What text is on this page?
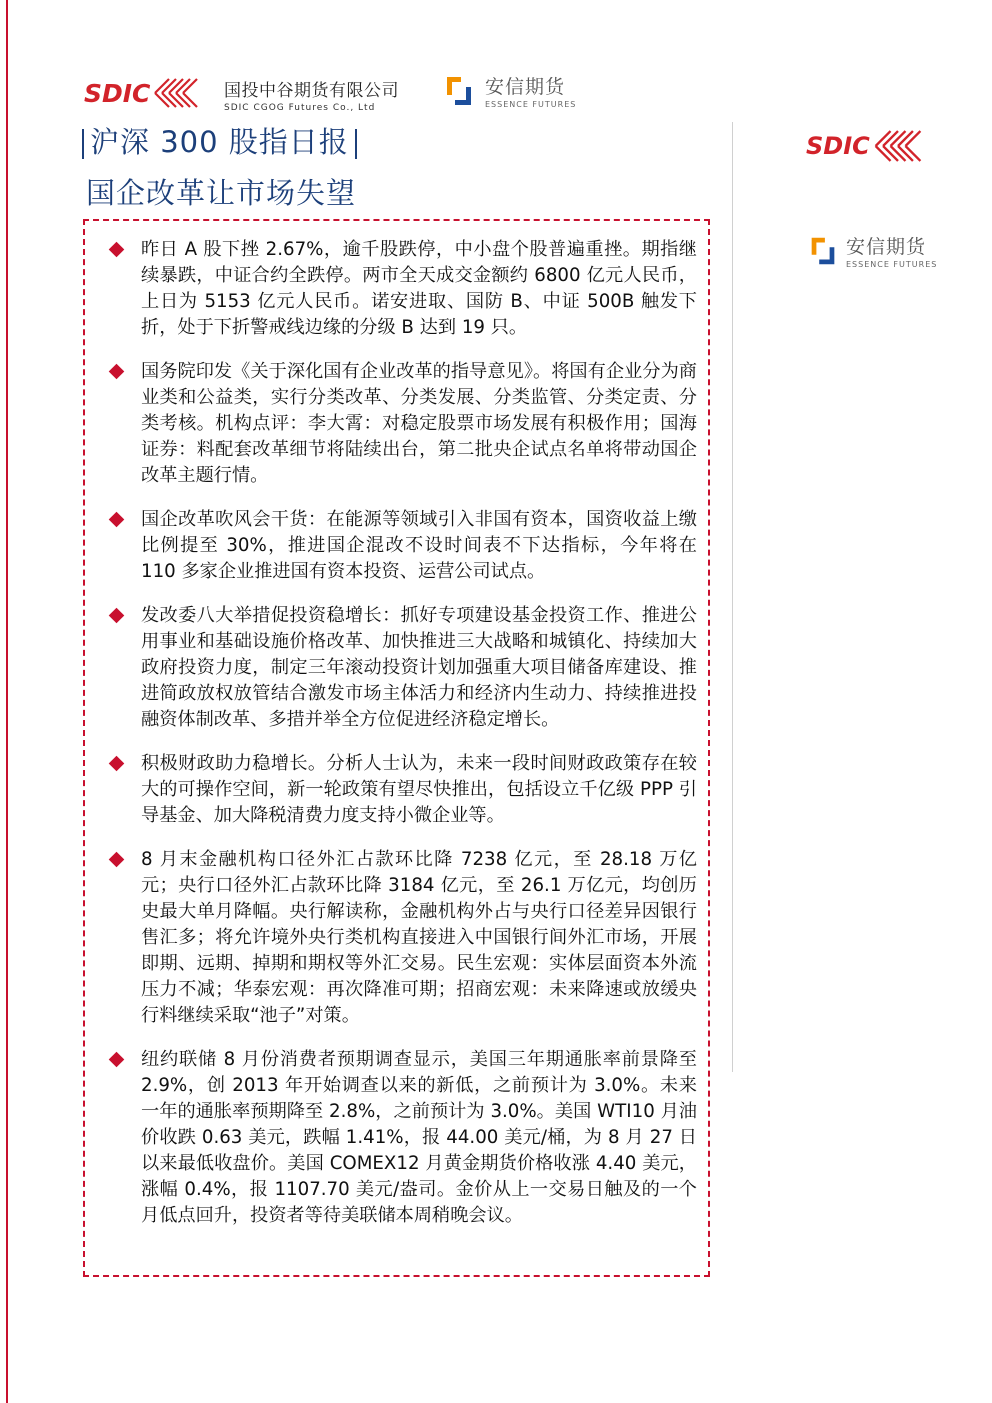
SDIC	国投中谷期货有限公司
SDIC CGOG Futures Co., Ltd
安信期货
ESSENCE FUTURES
沪深 300 股指日报
国企改革让市场失望
SDIC
安信期货
ESSENCE FUTURES
昨日 A 股下挫 2.67%，逾千股跌停，中小盘个股普遍重挫。期指继续暴跌，中证合约全跌停。两市全天成交金额约 6800 亿元人民币，上日为 5153 亿元人民币。诺安进取、国防 B、中证 500B 触发下折，处于下折警戒线边缘的分级 B 达到 19 只。
国务院印发《关于深化国有企业改革的指导意见》。将国有企业分为商业类和公益类，实行分类改革、分类发展、分类监管、分类定责、分类考核。机构点评：李大霄：对稳定股票市场发展有积极作用；国海证券：料配套改革细节将陆续出台，第二批央企试点名单将带动国企改革主题行情。
国企改革吹风会干货：在能源等领域引入非国有资本，国资收益上缴比例提至 30%，推进国企混改不设时间表不下达指标，今年将在 110 多家企业推进国有资本投资、运营公司试点。
发改委八大举措促投资稳增长：抓好专项建设基金投资工作、推进公用事业和基础设施价格改革、加快推进三大战略和城镇化、持续加大政府投资力度，制定三年滚动投资计划加强重大项目储备库建设、推进简政放权放管结合激发市场主体活力和经济内生动力、持续推进投融资体制改革、多措并举全方位促进经济稳定增长。
积极财政助力稳增长。分析人士认为，未来一段时间财政政策存在较大的可操作空间，新一轮政策有望尽快推出，包括设立千亿级 PPP 引导基金、加大降税清费力度支持小微企业等。
8 月末金融机构口径外汇占款环比降 7238 亿元，至 28.18 万亿元；央行口径外汇占款环比降 3184 亿元，至 26.1 万亿元，均创历史最大单月降幅。央行解读称，金融机构外占与央行口径差异因银行售汇多；将允许境外央行类机构直接进入中国银行间外汇市场，开展即期、远期、掉期和期权等外汇交易。民生宏观：实体层面资本外流压力不减；华泰宏观：再次降准可期；招商宏观：未来降速或放缓央行料继续采取“池子”对策。
纽约联储 8 月份消费者预期调查显示，美国三年期通胀率前景降至 2.9%，创 2013 年开始调查以来的新低，之前预计为 3.0%。未来一年的通胀率预期降至 2.8%，之前预计为 3.0%。美国 WTI10 月油价收跌 0.63 美元，跌幅 1.41%，报 44.00 美元/桶，为 8 月 27 日以来最低收盘价。美国 COMEX12 月黄金期货价格收涨 4.40 美元，涨幅 0.4%，报 1107.70 美元/盎司。金价从上一交易日触及的一个月低点回升，投资者等待美联储本周稍晚会议。
